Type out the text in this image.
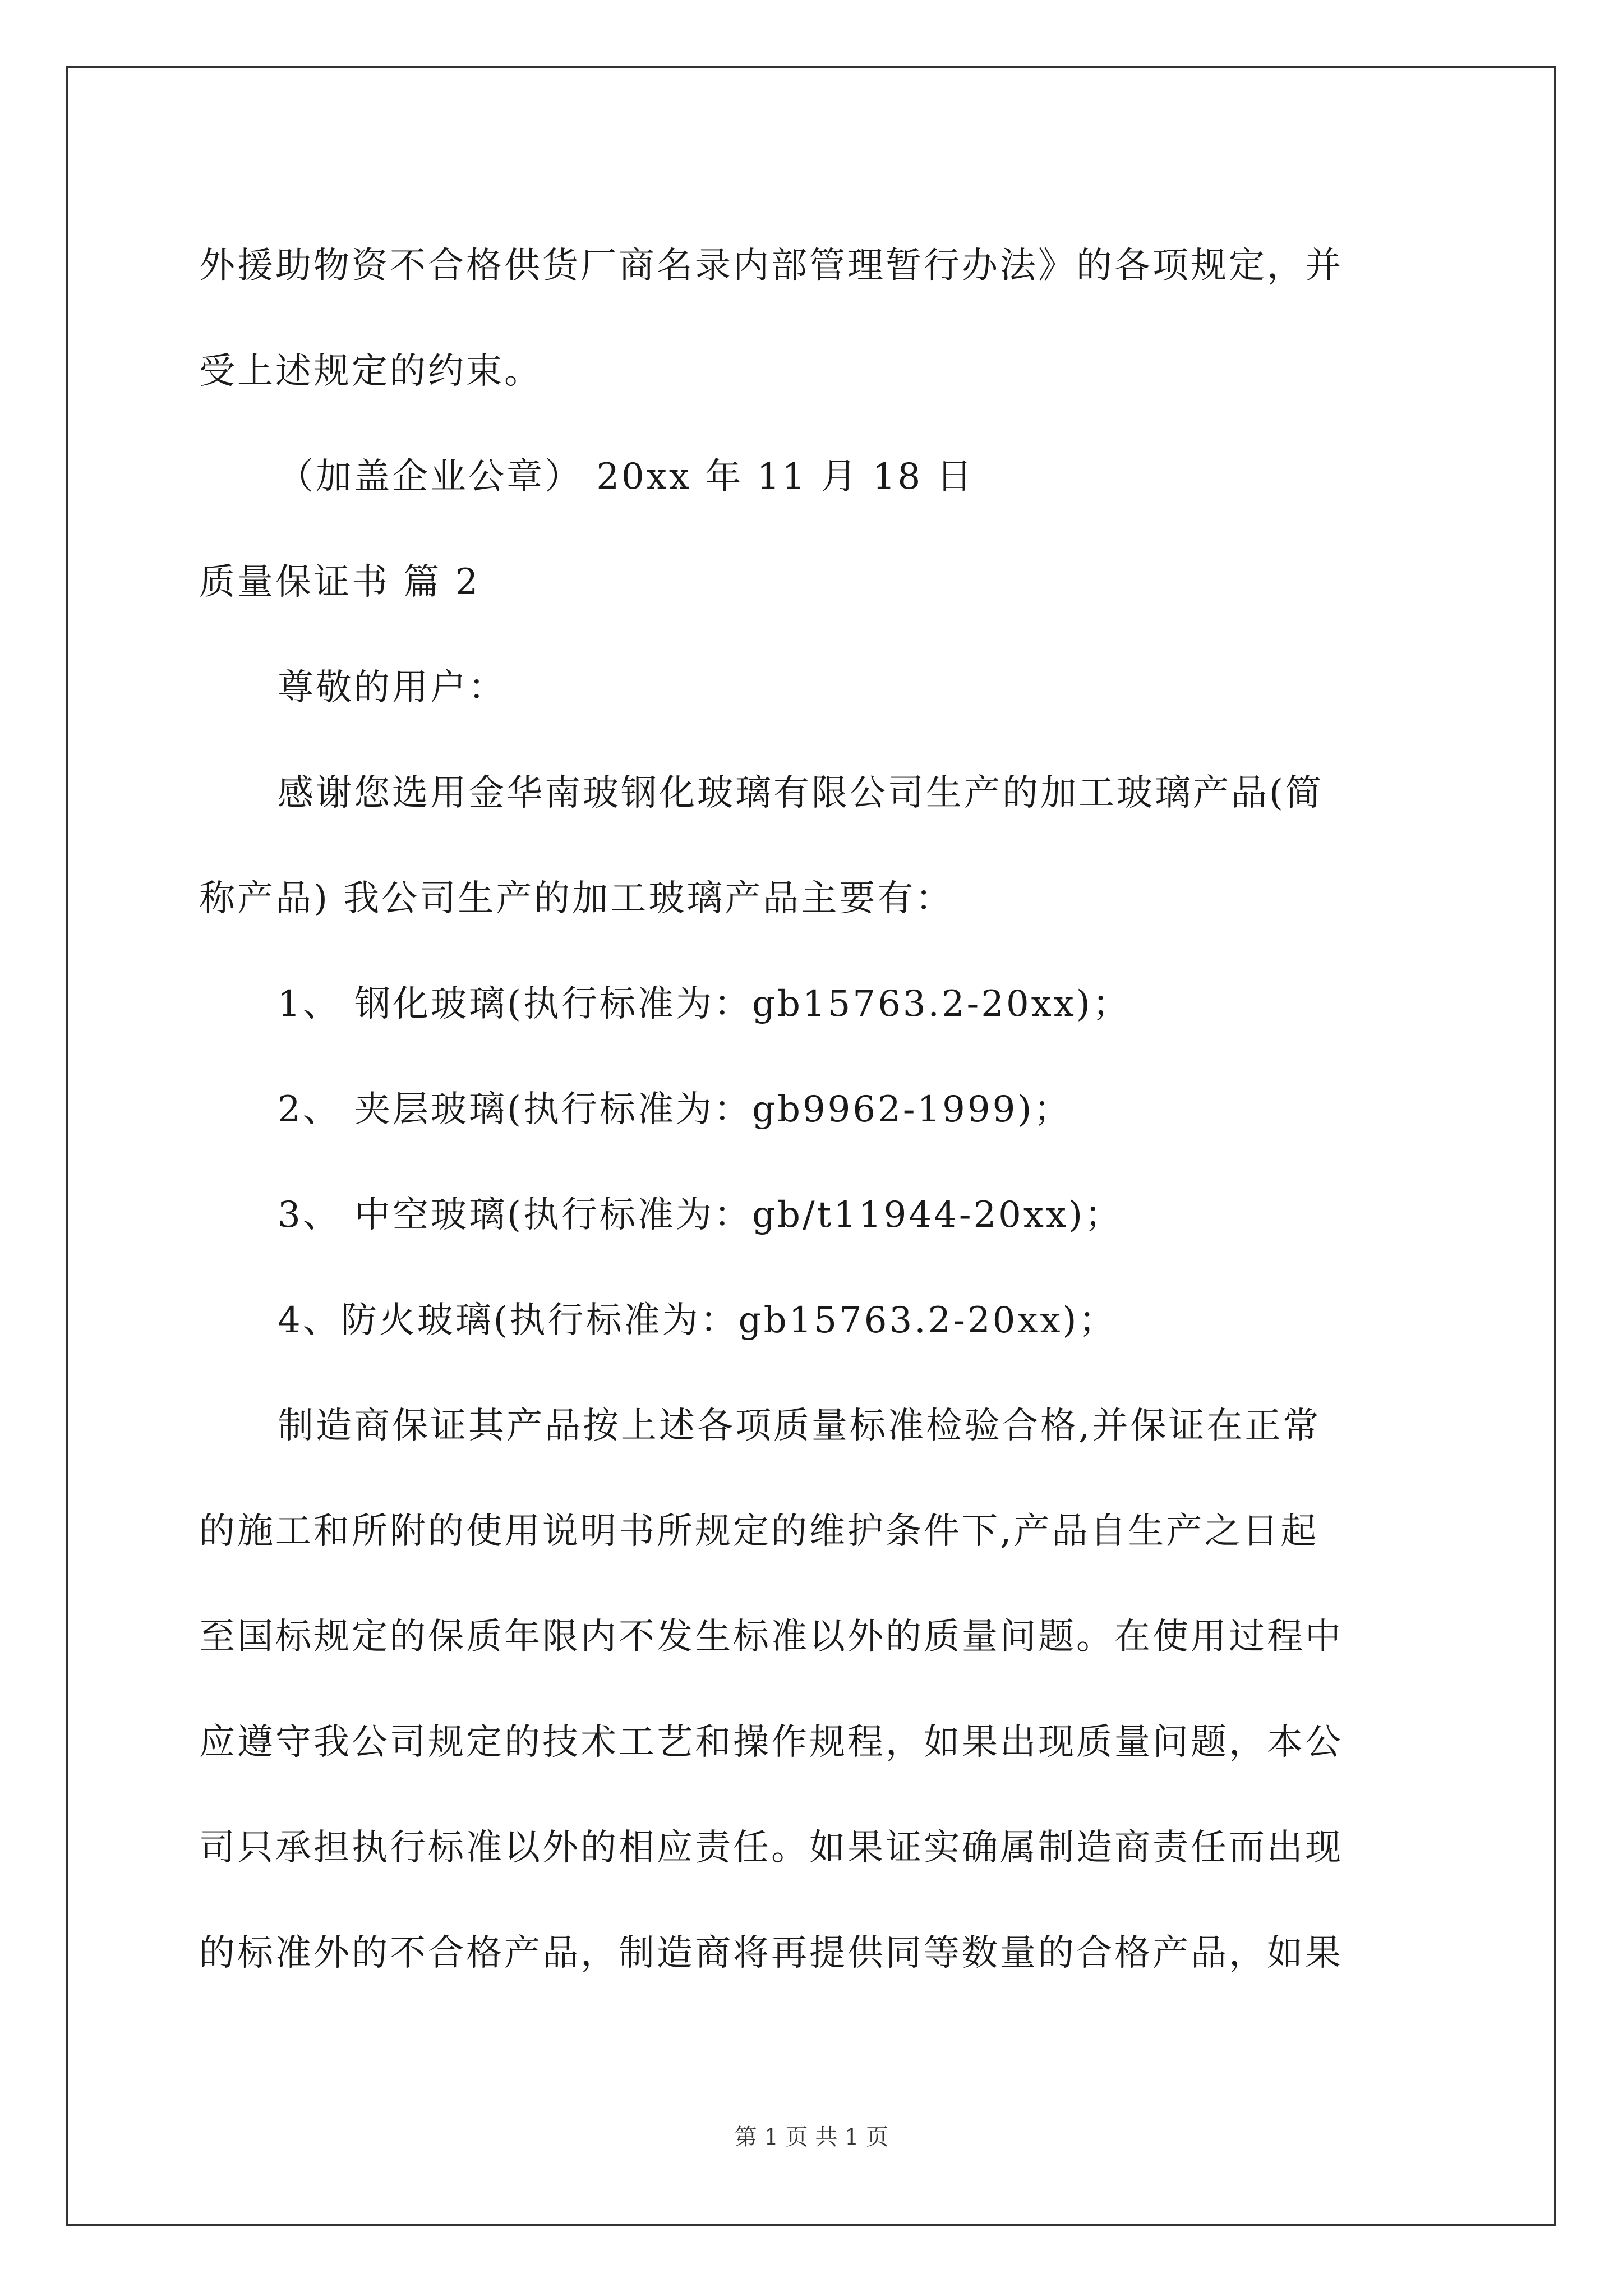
外援助物资不合格供货厂商名录内部管理暂行办法》的各项规定，并
受上述规定的约束。
（加盖企业公章） 20xx 年 11 月 18 日
质量保证书 篇 2
尊敬的用户：
感谢您选用金华南玻钢化玻璃有限公司生产的加工玻璃产品(简
称产品) 我公司生产的加工玻璃产品主要有：
1、 钢化玻璃(执行标准为：gb15763.2-20xx)；
2、 夹层玻璃(执行标准为：gb9962-1999)；
3、 中空玻璃(执行标准为：gb/t11944-20xx)；
4、防火玻璃(执行标准为：gb15763.2-20xx)；
制造商保证其产品按上述各项质量标准检验合格,并保证在正常
的施工和所附的使用说明书所规定的维护条件下,产品自生产之日起
至国标规定的保质年限内不发生标准以外的质量问题。在使用过程中
应遵守我公司规定的技术工艺和操作规程，如果出现质量问题，本公
司只承担执行标准以外的相应责任。如果证实确属制造商责任而出现
的标准外的不合格产品，制造商将再提供同等数量的合格产品，如果
第 1 页 共 1 页
